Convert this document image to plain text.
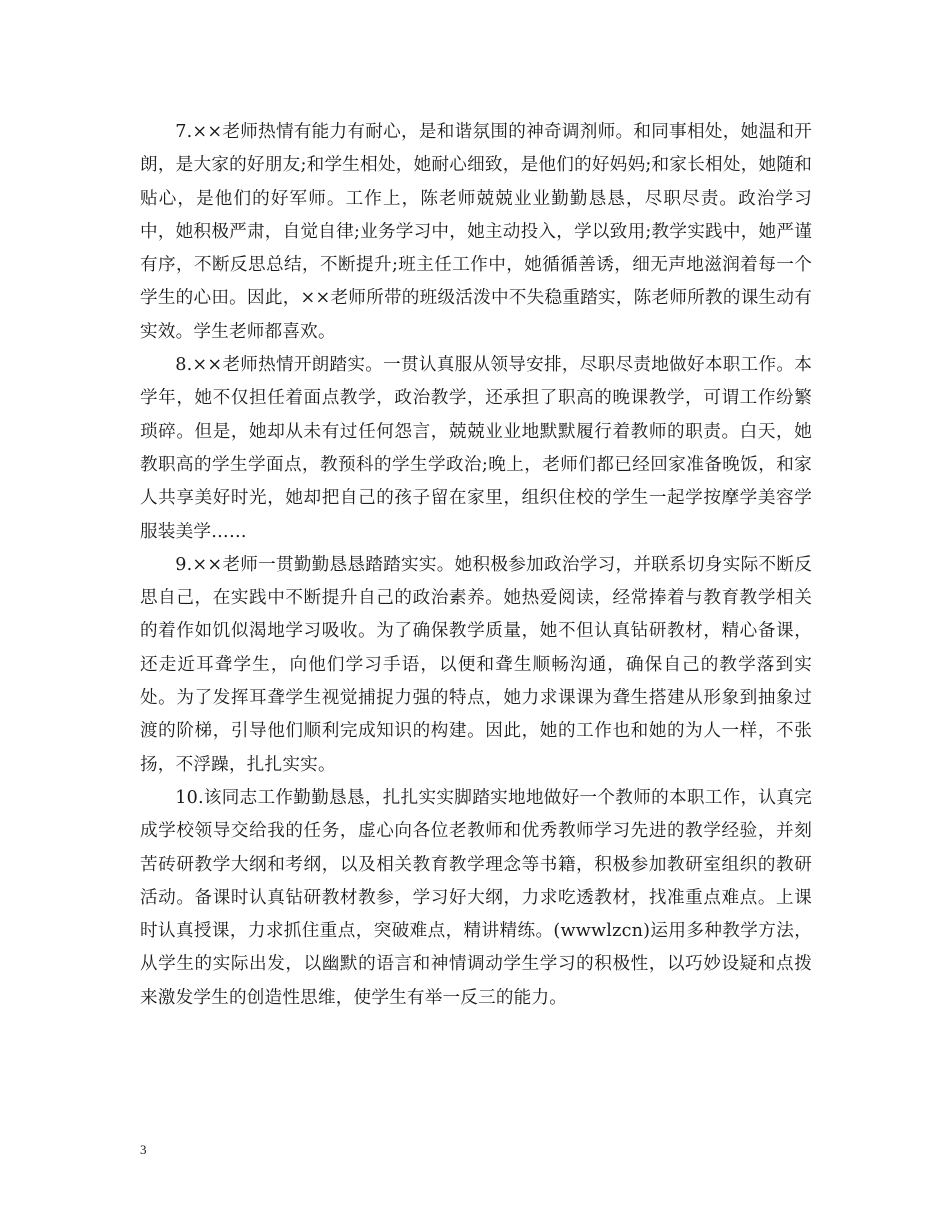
7.××老师热情有能力有耐心，是和谐氛围的神奇调剂师。和同事相处，她温和开朗，是大家的好朋友;和学生相处，她耐心细致，是他们的好妈妈;和家长相处，她随和贴心，是他们的好军师。工作上，陈老师兢兢业业勤勤恳恳，尽职尽责。政治学习中，她积极严肃，自觉自律;业务学习中，她主动投入，学以致用;教学实践中，她严谨有序，不断反思总结，不断提升;班主任工作中，她循循善诱，细无声地滋润着每一个学生的心田。因此，××老师所带的班级活泼中不失稳重踏实，陈老师所教的课生动有实效。学生老师都喜欢。

8.××老师热情开朗踏实。一贯认真服从领导安排，尽职尽责地做好本职工作。本学年，她不仅担任着面点教学，政治教学，还承担了职高的晚课教学，可谓工作纷繁琐碎。但是，她却从未有过任何怨言，兢兢业业地默默履行着教师的职责。白天，她教职高的学生学面点，教预科的学生学政治;晚上，老师们都已经回家准备晚饭，和家人共享美好时光，她却把自己的孩子留在家里，组织住校的学生一起学按摩学美容学服装美学……

9.××老师一贯勤勤恳恳踏踏实实。她积极参加政治学习，并联系切身实际不断反思自己，在实践中不断提升自己的政治素养。她热爱阅读，经常捧着与教育教学相关的着作如饥似渴地学习吸收。为了确保教学质量，她不但认真钻研教材，精心备课，还走近耳聋学生，向他们学习手语，以便和聋生顺畅沟通，确保自己的教学落到实处。为了发挥耳聋学生视觉捕捉力强的特点，她力求课课为聋生搭建从形象到抽象过渡的阶梯，引导他们顺利完成知识的构建。因此，她的工作也和她的为人一样，不张扬，不浮躁，扎扎实实。

10.该同志工作勤勤恳恳，扎扎实实脚踏实地地做好一个教师的本职工作，认真完成学校领导交给我的任务，虚心向各位老教师和优秀教师学习先进的教学经验，并刻苦砖研教学大纲和考纲，以及相关教育教学理念等书籍，积极参加教研室组织的教研活动。备课时认真钻研教材教参，学习好大纲，力求吃透教材，找准重点难点。上课时认真授课，力求抓住重点，突破难点，精讲精练。(wwwlzcn)运用多种教学方法，从学生的实际出发，以幽默的语言和神情调动学生学习的积极性，以巧妙设疑和点拨来激发学生的创造性思维，使学生有举一反三的能力。

3
